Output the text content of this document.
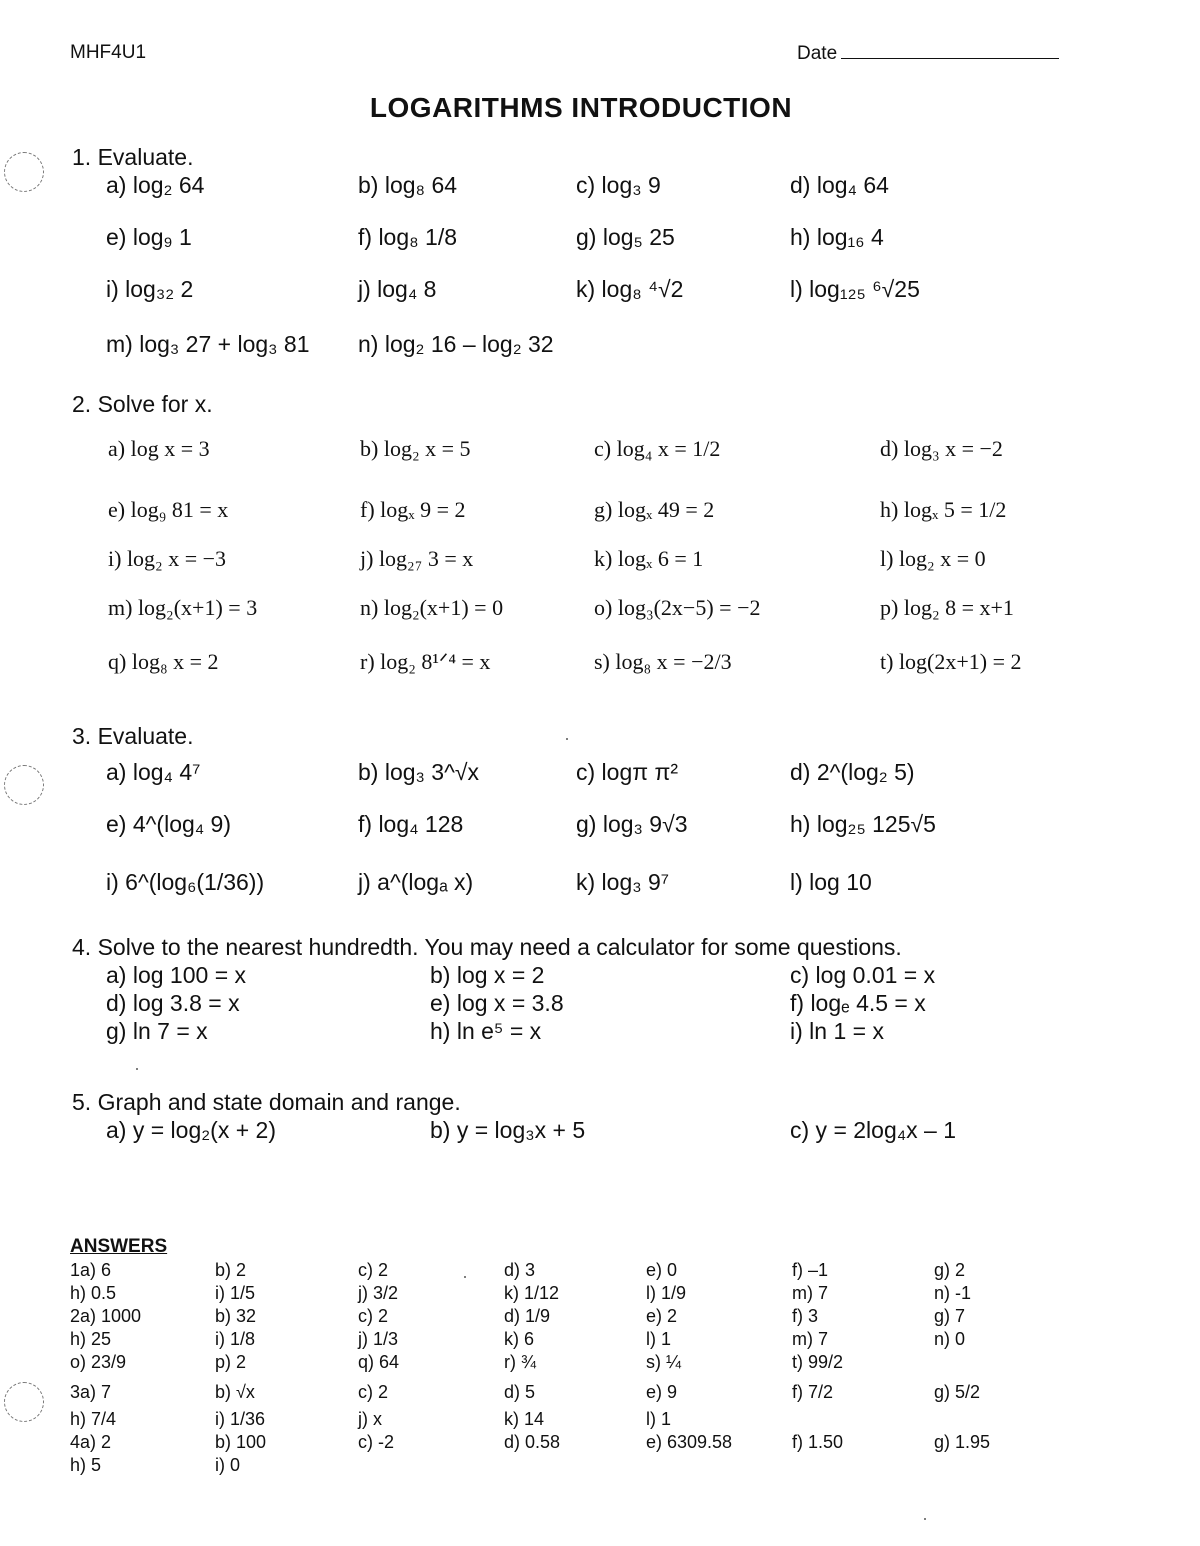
MHF4U1	Date
LOGARITHMS INTRODUCTION
1. Evaluate.
a) log₂ 64	b) log₈ 64	c) log₃ 9	d) log₄ 64
e) log₉ 1	f) log₈ 1/8	g) log₅ 25	h) log₁₆ 4
i) log₃₂ 2	j) log₄ 8	k) log₈ ⁴√2	l) log₁₂₅ ⁶√25
m) log₃ 27 + log₃ 81 n) log₂ 16 – log₂ 32
2. Solve for x.
a) log x = 3	b) log₂ x = 5	c) log₄ x = 1/2	d) log₃ x = −2
e) log₉ 81 = x	f) logₓ 9 = 2	g) logₓ 49 = 2	h) logₓ 5 = 1/2
i) log₂ x = −3	j) log₂₇ 3 = x	k) logₓ 6 = 1	l) log₂ x = 0
m) log₂(x+1) = 3	n) log₂(x+1) = 0	o) log₃(2x−5) = −2	p) log₂ 8 = x+1
q) log₈ x = 2	r) log₂ 8¹ᐟ⁴ = x	s) log₈ x = −2/3	t) log(2x+1) = 2
3. Evaluate.
a) log₄ 4⁷	b) log₃ 3^√x	c) logπ π²	d) 2^(log₂ 5)
e) 4^(log₄ 9)	f) log₄ 128	g) log₃ 9√3	h) log₂₅ 125√5
i) 6^(log₆(1/36))	j) a^(logₐ x)	k) log₃ 9⁷	l) log 10
4. Solve to the nearest hundredth. You may need a calculator for some questions.
a) log 100 = x	b) log x = 2	c) log 0.01 = x
d) log 3.8 = x	e) log x = 3.8	f) logₑ 4.5 = x
g) ln 7 = x	h) ln e⁵ = x	i) ln 1 = x
5. Graph and state domain and range.
a) y = log₂(x + 2)	b) y = log₃x + 5	c) y = 2log₄x – 1
ANSWERS
1a) 6	b) 2	c) 2	d) 3	e) 0	f) –1	g) 2
h) 0.5	i) 1/5	j) 3/2	k) 1/12	l) 1/9	m) 7	n) -1
2a) 1000	b) 32	c) 2	d) 1/9	e) 2	f) 3	g) 7
h) 25	i) 1/8	j) 1/3	k) 6	l) 1	m) 7	n) 0
o) 23/9	p) 2	q) 64	r) ¾	s) ¼	t) 99/2
3a) 7	b) √x	c) 2	d) 5	e) 9	f) 7/2	g) 5/2
h) 7/4	i) 1/36	j) x	k) 14	l) 1
4a) 2	b) 100	c) -2	d) 0.58	e) 6309.58	f) 1.50	g) 1.95
h) 5	i) 0
